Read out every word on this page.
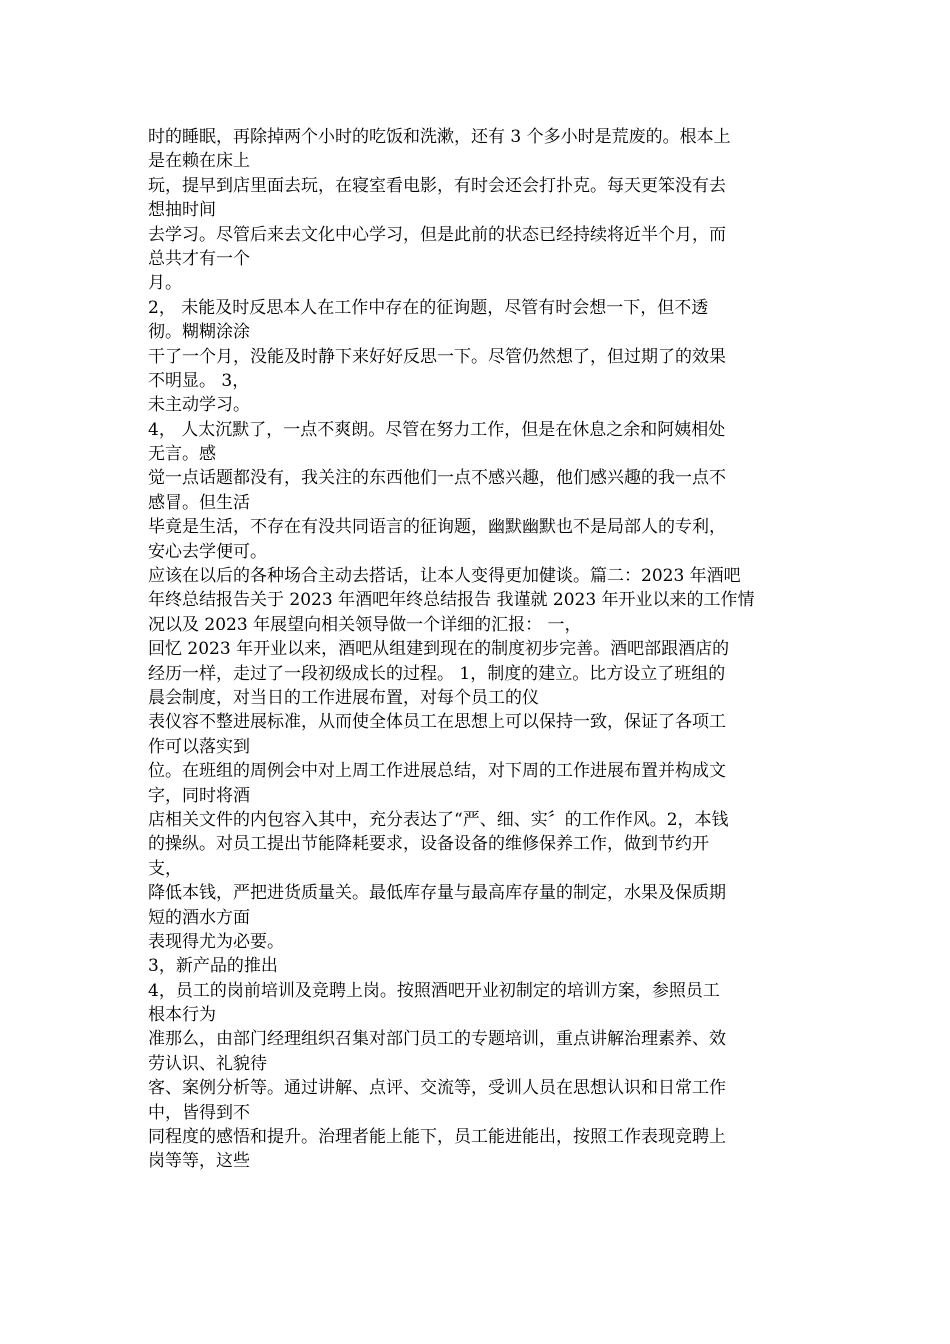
时的睡眠，再除掉两个小时的吃饭和洗漱，还有 3 个多小时是荒废的。根本上
是在赖在床上
玩，提早到店里面去玩，在寝室看电影，有时会还会打扑克。每天更笨没有去
想抽时间
去学习。尽管后来去文化中心学习，但是此前的状态已经持续将近半个月，而
总共才有一个
月。
2， 未能及时反思本人在工作中存在的征询题，尽管有时会想一下，但不透
彻。糊糊涂涂
干了一个月，没能及时静下来好好反思一下。尽管仍然想了，但过期了的效果
不明显。 3，
未主动学习。
4， 人太沉默了，一点不爽朗。尽管在努力工作，但是在休息之余和阿姨相处
无言。感
觉一点话题都没有，我关注的东西他们一点不感兴趣，他们感兴趣的我一点不
感冒。但生活
毕竟是生活，不存在有没共同语言的征询题，幽默幽默也不是局部人的专利，
安心去学便可。
应该在以后的各种场合主动去搭话，让本人变得更加健谈。篇二：2023 年酒吧
年终总结报告关于 2023 年酒吧年终总结报告 我谨就 2023 年开业以来的工作情
况以及 2023 年展望向相关领导做一个详细的汇报： 一，
回忆 2023 年开业以来，酒吧从组建到现在的制度初步完善。酒吧部跟酒店的
经历一样，走过了一段初级成长的过程。 1，制度的建立。比方设立了班组的
晨会制度，对当日的工作进展布置，对每个员工的仪
表仪容不整进展标准，从而使全体员工在思想上可以保持一致，保证了各项工
作可以落实到
位。在班组的周例会中对上周工作进展总结，对下周的工作进展布置并构成文
字，同时将酒
店相关文件的内包容入其中，充分表达了“严、细、实〞的工作作风。2，本钱
的操纵。对员工提出节能降耗要求，设备设备的维修保养工作，做到节约开
支，
降低本钱，严把进货质量关。最低库存量与最高库存量的制定，水果及保质期
短的酒水方面
表现得尤为必要。
3，新产品的推出
4，员工的岗前培训及竞聘上岗。按照酒吧开业初制定的培训方案，参照员工
根本行为
准那么，由部门经理组织召集对部门员工的专题培训，重点讲解治理素养、效
劳认识、礼貌待
客、案例分析等。通过讲解、点评、交流等，受训人员在思想认识和日常工作
中，皆得到不
同程度的感悟和提升。治理者能上能下，员工能进能出，按照工作表现竞聘上
岗等等，这些
